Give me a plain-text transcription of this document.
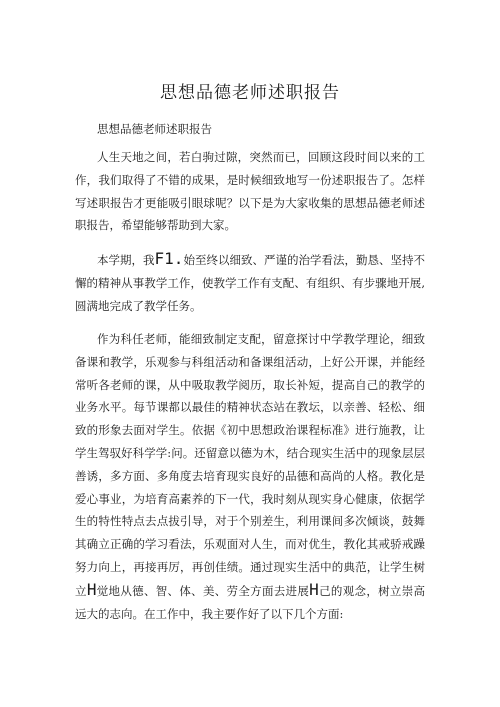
思想品德老师述职报告
思想品德老师述职报告

人生天地之间，若白驹过隙，突然而已，回顾这段时间以来的工作，我们取得了不错的成果，是时候细致地写一份述职报告了。怎样写述职报告才更能吸引眼球呢？以下是为大家收集的思想品德老师述职报告，希望能够帮助到大家。

本学期，我F1.始至终以细致、严谨的治学看法，勤恳、坚持不懈的精神从事教学工作，使教学工作有支配、有组织、有步骤地开展,圆满地完成了教学任务。

作为科任老师，能细致制定支配，留意探讨中学教学理论，细致备课和教学，乐观参与科组活动和备课组活动，上好公开课，并能经常听各老师的课，从中吸取教学阅历，取长补短，提高自己的教学的业务水平。每节课都以最佳的精神状态站在教坛，以亲善、轻松、细致的形象去面对学生。依据《初中思想政治课程标准》进行施教，让学生驾驭好科学学:问。还留意以德为木，结合现实生活中的现象层层善诱，多方面、多角度去培育现实良好的品德和高尚的人格。教化是爱心事业，为培育高素养的下一代，我时刻从现实身心健康，依据学生的特性特点去点拔引导，对于个别差生，利用课间多次倾谈，鼓舞其确立正确的学习看法，乐观面对人生，而对优生，教化其戒骄戒躁努力向上，再接再厉，再创佳绩。通过现实生活中的典范，让学生树立H觉地从德、智、体、美、劳全方面去进展H己的观念，树立崇高远大的志向。在工作中，我主要作好了以下几个方面:
